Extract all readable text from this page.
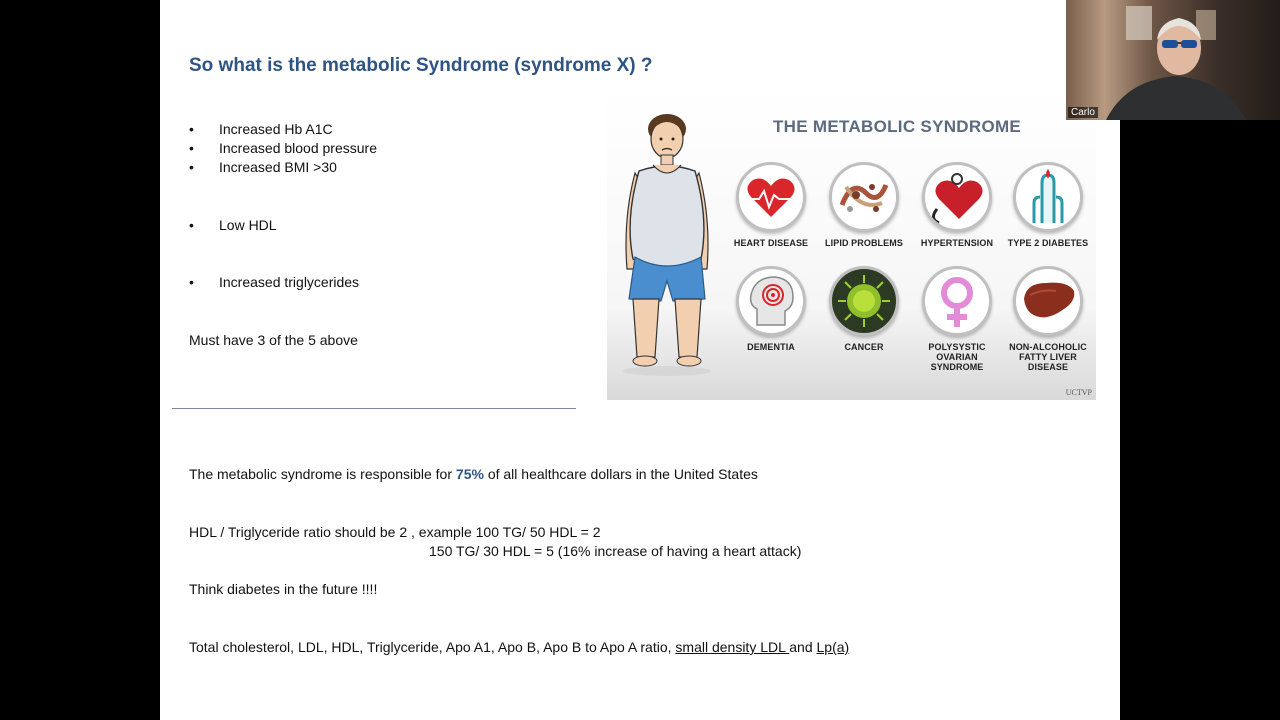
So what is the metabolic Syndrome (syndrome X) ?
• Increased Hb A1C
• Increased blood pressure
• Increased BMI >30
• Low HDL
• Increased triglycerides
Must have 3 of the 5 above
The metabolic syndrome is responsible for 75% of all healthcare dollars in the United States
HDL / Triglyceride ratio should be 2 , example 100 TG/ 50 HDL = 2
150 TG/ 30 HDL = 5 (16% increase of having a heart attack)
Think diabetes in the future !!!!
Total cholesterol, LDL, HDL, Triglyceride, Apo A1, Apo B, Apo B to Apo A ratio, small density LDL and Lp(a)
THE METABOLIC SYNDROME
HEART DISEASE	LIPID PROBLEMS	HYPERTENSION	TYPE 2 DIABETES
DEMENTIA	CANCER	POLYSYSTIC OVARIAN SYNDROME
NON-ALCOHOLIC FATTY LIVER DISEASE
UCTVP
Carlo
